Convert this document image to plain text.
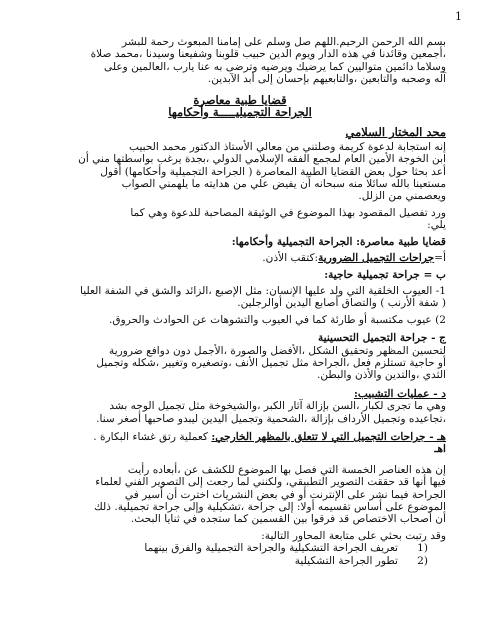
1

بسم الله الرحمن الرحيم.اللهم صل وسلم على إمامنا المبعوث رحمة للبشر

،أجمعين وقائدنا في هذه الدار ويوم الدين حبيب قلوبنا وشفيعنا وسيدنا ،محمد صلاة

وسلاما دائمين متواليين كما يرضيك ويرضيه وترضى به عنا يارب ،العالمين وعلى

آله وصحبه والتابعين ،والتابعيهم بإحسان إلى أبد الآبدين.

قضايا طبية معاصرة

الجراحة التجميليـــــة وأحكامها

محد المختار السلامي

إنه استجابة لدعوة كريمة وصلتني من معالي الأستاذ الدكتور محمد الحبيب

ابن الخوجة الأمين العام لمجمع الفقه الإسلامي الدولي ،بجدة يرغب بواسطتها مني أن

أعد بحثا حول بعض القضايا الطبية المعاصرة ( الجراحة التجميلية وأحكامها) أقول

مستعينا بالله سائلا منه سبحانه أن يفيض علي من هدايته ما يلهمني الصواب

ويعصمني من الزلل.

ورد تفصيل المقصود بهذا الموضوع في الوثيقة المصاحبة للدعوة وهي كما

يلي:

قضايا طبية معاصرة: الجراحة التجميلية وأحكامها:

أ=جراحات التجميل الضرورية:كتقب الأذن.

ب = جراحة تجميلية حاجية:

1- العيوب الخلقية التي ولد عليها الإنسان: مثل الإصبع ،الزائد والشق في الشفة العليا

( شفة الأرنب ) والتصاق أصابع اليدين أوالرجلين.

2) عيوب مكتسبة أو طارئة كما في العيوب والتشوهات عن الحوادث والحروق.

ج - جراحة التجميل التحسينية

لتحسين المظهر وتحقيق الشكل ،الأفضل والصورة ،الأجمل دون دوافع ضرورية

أو حاجية تستلزم فعل ،الجراحة مثل تجميل الأنف ،وتصغيره وتغيير ،شكله وتجميل

الثدي ،والتدين والأذن والبطن.

د - عمليات التشبيب:

وهي ما تجرى لكبار ،السن بإزالة آثار الكبر ،والشيخوخة مثل تجميل الوجه بشد

،تجاعيده وتجميل الأرداف بإزالة ،الشحمية وتجميل اليدين ليبدو صاحبها أصغر سنا.

هـ - جراحات التجميل التي لا تتعلق بالمظهر الخارجي: كعملية رتق غشاء البكارة .

اهـ

إن هذه العناصر الخمسة التي فصل بها الموضوع للكشف عن ،أبعاده رأيت

فيها أنها قد حققت التصوير التطبيقي، ولكنني لما رجعت إلى التصوير الفني لعلماء

الجراحة فيما نشر على الإنترنت أو في بعض النشريات اخترت أن أسير في

الموضوع على أساس تقسيمه أولا: إلى جراحة ،تشكيلية وإلى جراحة تجميلية. ذلك

أن أصحاب الاختصاص قد فرقوا بين القسمين كما ستجده في ثنايا البحث.

وقد رتبت بحثي على متابعة المحاور التالية:

(1
تعريف الجراحة التشكيلية والجراحة التجميلية والفرق بينهما
(2
تطور الجراحة التشكيلية
